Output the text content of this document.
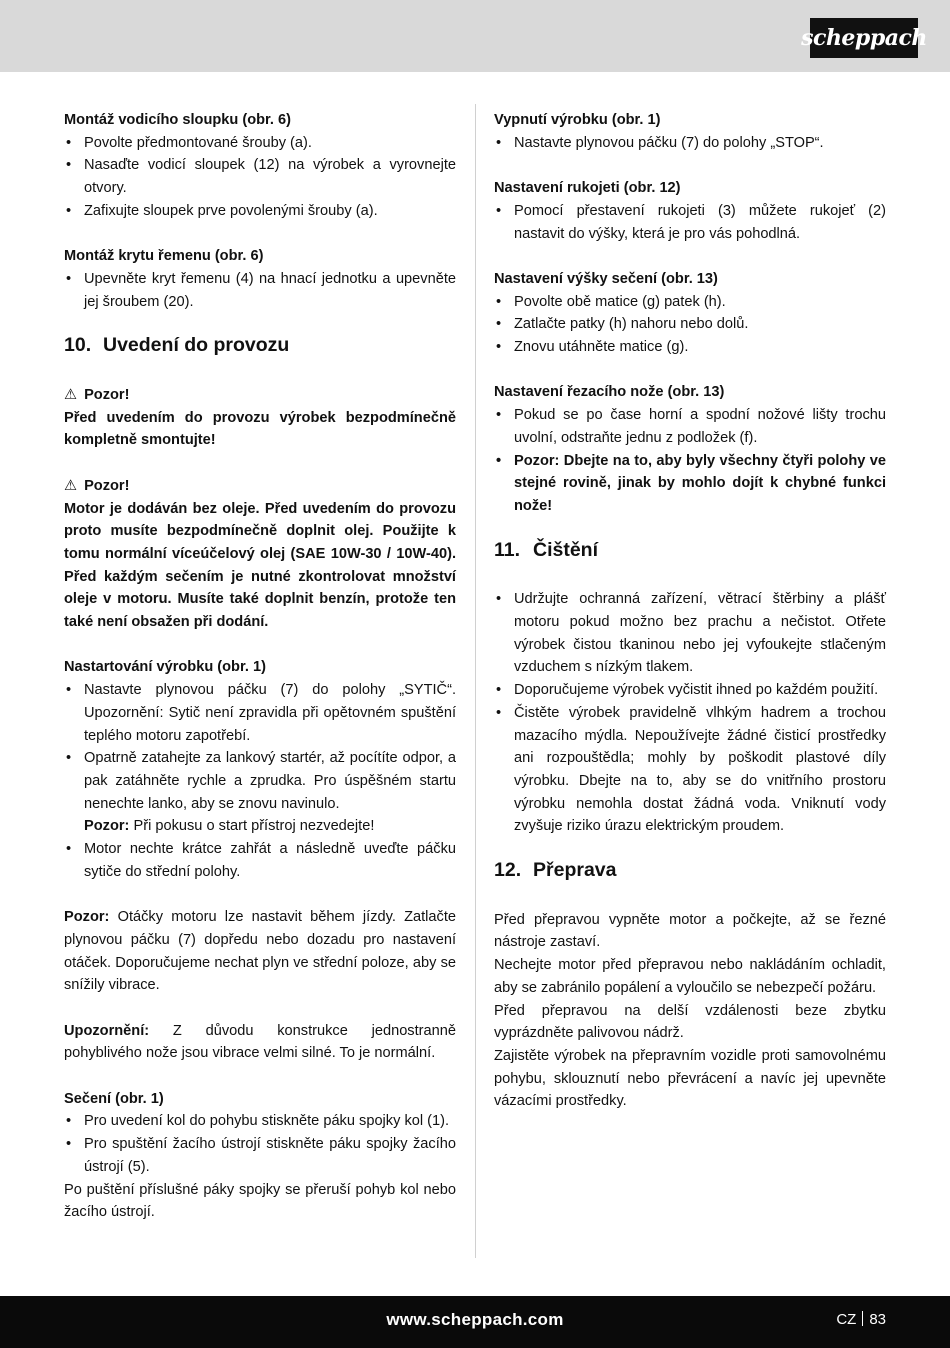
scheppach
Montáž vodicího sloupku (obr. 6)
• Povolte předmontované šrouby (a).
• Nasaďte vodicí sloupek (12) na výrobek a vyrovnejte otvory.
• Zafixujte sloupek prve povolenými šrouby (a).
Montáž krytu řemenu (obr. 6)
• Upevněte kryt řemenu (4) na hnací jednotku a upevněte jej šroubem (20).
10. Uvedení do provozu
⚠ Pozor!
Před uvedením do provozu výrobek bezpodmínečně kompletně smontujte!
⚠ Pozor!
Motor je dodáván bez oleje. Před uvedením do provozu proto musíte bezpodmínečně doplnit olej. Použijte k tomu normální víceúčelový olej (SAE 10W-30 / 10W-40). Před každým sečením je nutné zkontrolovat množství oleje v motoru. Musíte také doplnit benzín, protože ten také není obsažen při dodání.
Nastartování výrobku (obr. 1)
• Nastavte plynovou páčku (7) do polohy „SYTIČ“. Upozornění: Sytič není zpravidla při opětovném spuštění teplého motoru zapotřebí.
• Opatrně zatahejte za lankový startér, až pocítíte odpor, a pak zatáhněte rychle a zprudka. Pro úspěšném startu nenechte lanko, aby se znovu navinulo.
Pozor: Při pokusu o start přístroj nezvedejte!
• Motor nechte krátce zahřát a následně uveďte páčku sytiče do střední polohy.
Pozor: Otáčky motoru lze nastavit během jízdy. Zatlačte plynovou páčku (7) dopředu nebo dozadu pro nastavení otáček. Doporučujeme nechat plyn ve střední poloze, aby se snížily vibrace.
Upozornění: Z důvodu konstrukce jednostranně pohyblivého nože jsou vibrace velmi silné. To je normální.
Sečení (obr. 1)
• Pro uvedení kol do pohybu stiskněte páku spojky kol (1).
• Pro spuštění žacího ústrojí stiskněte páku spojky žacího ústrojí (5).
Po puštění příslušné páky spojky se přeruší pohyb kol nebo žacího ústrojí.
Vypnutí výrobku (obr. 1)
• Nastavte plynovou páčku (7) do polohy „STOP“.
Nastavení rukojeti (obr. 12)
• Pomocí přestavení rukojeti (3) můžete rukojeť (2) nastavit do výšky, která je pro vás pohodlná.
Nastavení výšky sečení (obr. 13)
• Povolte obě matice (g) patek (h).
• Zatlačte patky (h) nahoru nebo dolů.
• Znovu utáhněte matice (g).
Nastavení řezacího nože (obr. 13)
• Pokud se po čase horní a spodní nožové lišty trochu uvolní, odstraňte jednu z podložek (f).
• Pozor: Dbejte na to, aby byly všechny čtyři polohy ve stejné rovině, jinak by mohlo dojít k chybné funkci nože!
11. Čištění
• Udržujte ochranná zařízení, větrací štěrbiny a plášť motoru pokud možno bez prachu a nečistot. Otřete výrobek čistou tkaninou nebo jej vyfoukejte stlačeným vzduchem s nízkým tlakem.
• Doporučujeme výrobek vyčistit ihned po každém použití.
• Čistěte výrobek pravidelně vlhkým hadrem a trochou mazacího mýdla. Nepoužívejte žádné čisticí prostředky ani rozpouštědla; mohly by poškodit plastové díly výrobku. Dbejte na to, aby se do vnitřního prostoru výrobku nemohla dostat žádná voda. Vniknutí vody zvyšuje riziko úrazu elektrickým proudem.
12. Přeprava
Před přepravou vypněte motor a počkejte, až se řezné nástroje zastaví.
Nechejte motor před přepravou nebo nakládáním ochladit, aby se zabránilo popálení a vyloučilo se nebezpečí požáru.
Před přepravou na delší vzdálenosti beze zbytku vyprázdněte palivovou nádrž.
Zajistěte výrobek na přepravním vozidle proti samovolnému pohybu, sklouznutí nebo převrácení a navíc jej upevněte vázacími prostředky.
www.scheppach.com	CZ 83
